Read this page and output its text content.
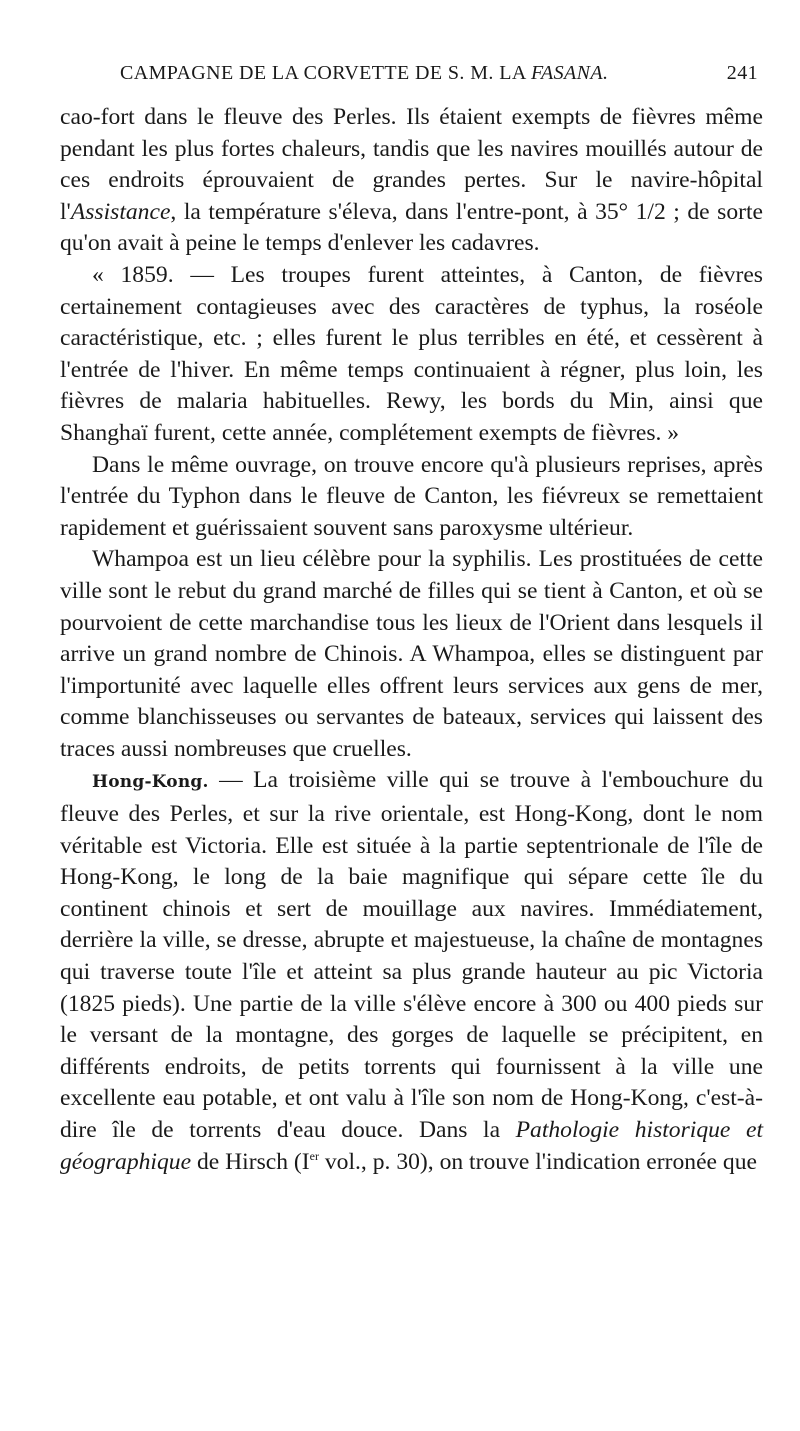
CAMPAGNE DE LA CORVETTE DE S. M. LA FASANA.	241

cao-fort dans le fleuve des Perles. Ils étaient exempts de fièvres même pendant les plus fortes chaleurs, tandis que les navires mouillés autour de ces endroits éprouvaient de grandes pertes. Sur le navire-hôpital l'Assistance, la température s'éleva, dans l'entre-pont, à 35° 1/2 ; de sorte qu'on avait à peine le temps d'enlever les cadavres.

« 1859. — Les troupes furent atteintes, à Canton, de fièvres certainement contagieuses avec des caractères de typhus, la roséole caractéristique, etc. ; elles furent le plus terribles en été, et cessèrent à l'entrée de l'hiver. En même temps continuaient à régner, plus loin, les fièvres de malaria habituelles. Rewy, les bords du Min, ainsi que Shanghaï furent, cette année, complétement exempts de fièvres. »

Dans le même ouvrage, on trouve encore qu'à plusieurs reprises, après l'entrée du Typhon dans le fleuve de Canton, les fiévreux se remettaient rapidement et guérissaient souvent sans paroxysme ultérieur.

Whampoa est un lieu célèbre pour la syphilis. Les prostituées de cette ville sont le rebut du grand marché de filles qui se tient à Canton, et où se pourvoient de cette marchandise tous les lieux de l'Orient dans lesquels il arrive un grand nombre de Chinois. A Whampoa, elles se distinguent par l'importunité avec laquelle elles offrent leurs services aux gens de mer, comme blanchisseuses ou servantes de bateaux, services qui laissent des traces aussi nombreuses que cruelles.

Hong-Kong. — La troisième ville qui se trouve à l'embouchure du fleuve des Perles, et sur la rive orientale, est Hong-Kong, dont le nom véritable est Victoria. Elle est située à la partie septentrionale de l'île de Hong-Kong, le long de la baie magnifique qui sépare cette île du continent chinois et sert de mouillage aux navires. Immédiatement, derrière la ville, se dresse, abrupte et majestueuse, la chaîne de montagnes qui traverse toute l'île et atteint sa plus grande hauteur au pic Victoria (1825 pieds). Une partie de la ville s'élève encore à 300 ou 400 pieds sur le versant de la montagne, des gorges de laquelle se précipitent, en différents endroits, de petits torrents qui fournissent à la ville une excellente eau potable, et ont valu à l'île son nom de Hong-Kong, c'est-à-dire île de torrents d'eau douce. Dans la Pathologie historique et géographique de Hirsch (Ier vol., p. 30), on trouve l'indication erronée que
